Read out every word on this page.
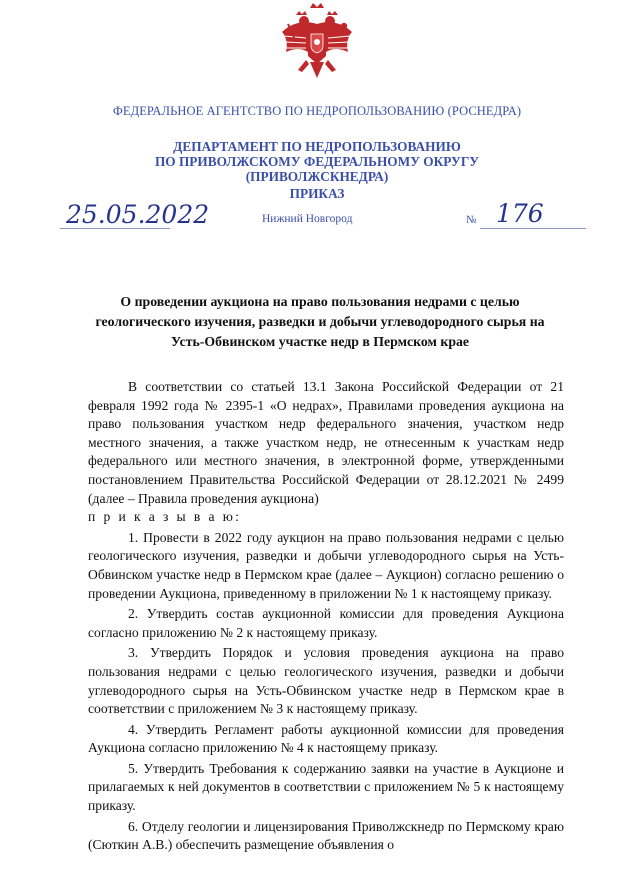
ФЕДЕРАЛЬНОЕ АГЕНТСТВО ПО НЕДРОПОЛЬЗОВАНИЮ (РОСНЕДРА)
ДЕПАРТАМЕНТ ПО НЕДРОПОЛЬЗОВАНИЮ
ПО ПРИВОЛЖСКОМУ ФЕДЕРАЛЬНОМУ ОКРУГУ
(ПРИВОЛЖСКНЕДРА)
ПРИКАЗ
25.05.2022	Нижний Новгород	№ 176
О проведении аукциона на право пользования недрами с целью геологического изучения, разведки и добычи углеводородного сырья на Усть-Обвинском участке недр в Пермском крае

В соответствии со статьей 13.1 Закона Российской Федерации от 21 февраля 1992 года № 2395-1 «О недрах», Правилами проведения аукциона на право пользования участком недр федерального значения, участком недр местного значения, а также участком недр, не отнесенным к участкам недр федерального или местного значения, в электронной форме, утвержденными постановлением Правительства Российской Федерации от 28.12.2021 № 2499 (далее – Правила проведения аукциона)

п р и к а з ы в а ю:

1. Провести в 2022 году аукцион на право пользования недрами с целью геологического изучения, разведки и добычи углеводородного сырья на Усть-Обвинском участке недр в Пермском крае (далее – Аукцион) согласно решению о проведении Аукциона, приведенному в приложении № 1 к настоящему приказу.

2. Утвердить состав аукционной комиссии для проведения Аукциона согласно приложению № 2 к настоящему приказу.

3. Утвердить Порядок и условия проведения аукциона на право пользования недрами с целью геологического изучения, разведки и добычи углеводородного сырья на Усть-Обвинском участке недр в Пермском крае в соответствии с приложением № 3 к настоящему приказу.

4. Утвердить Регламент работы аукционной комиссии для проведения Аукциона согласно приложению № 4 к настоящему приказу.

5. Утвердить Требования к содержанию заявки на участие в Аукционе и прилагаемых к ней документов в соответствии с приложением № 5 к настоящему приказу.

6. Отделу геологии и лицензирования Приволжскнедр по Пермскому краю (Сюткин А.В.) обеспечить размещение объявления о
